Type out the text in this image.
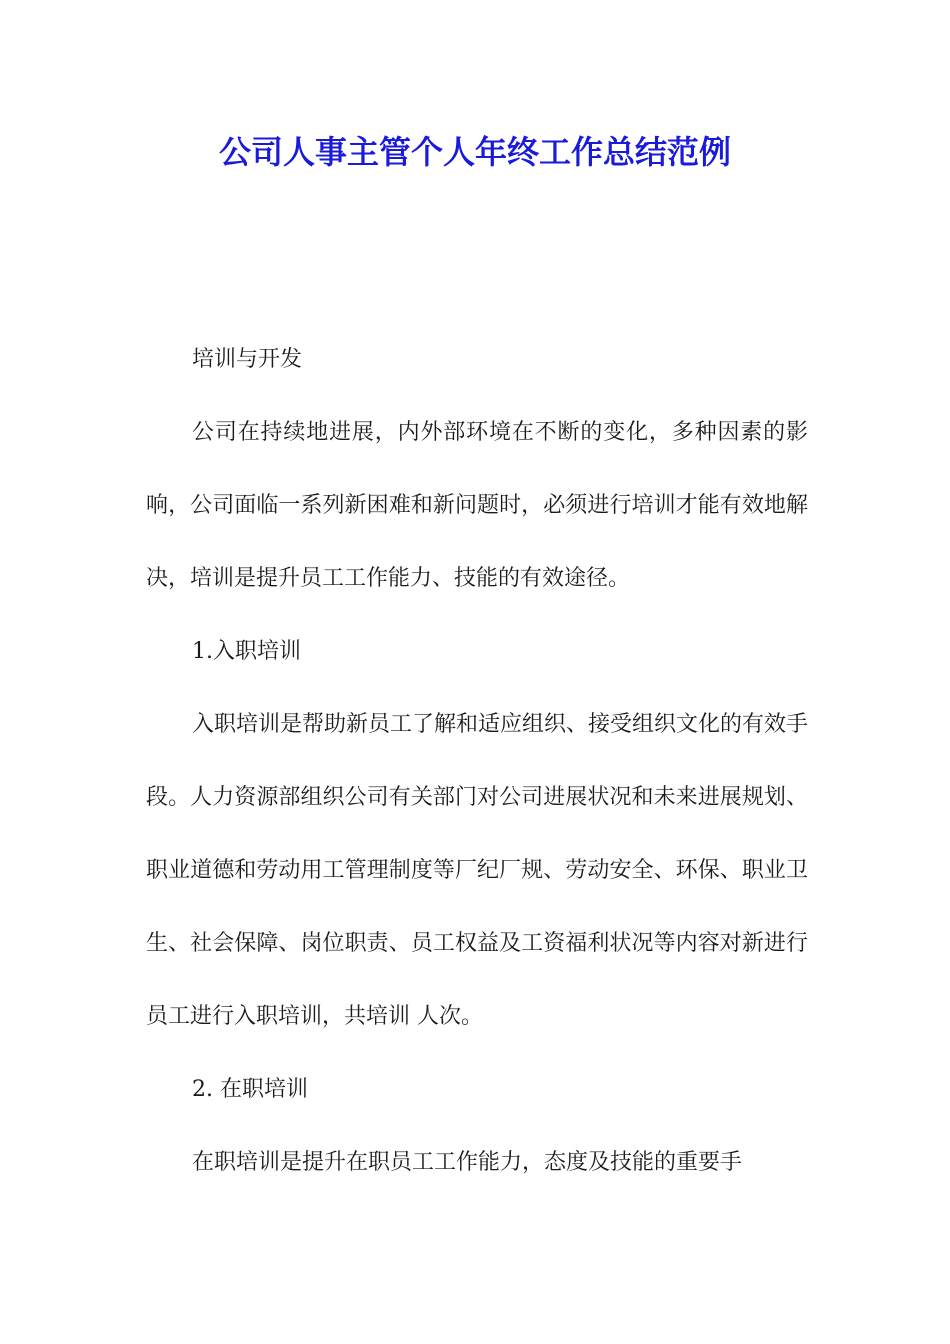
公司人事主管个人年终工作总结范例

培训与开发

公司在持续地进展，内外部环境在不断的变化，多种因素的影响，公司面临一系列新困难和新问题时，必须进行培训才能有效地解决，培训是提升员工工作能力、技能的有效途径。

1.入职培训

入职培训是帮助新员工了解和适应组织、接受组织文化的有效手段。人力资源部组织公司有关部门对公司进展状况和未来进展规划、职业道德和劳动用工管理制度等厂纪厂规、劳动安全、环保、职业卫生、社会保障、岗位职责、员工权益及工资福利状况等内容对新进行员工进行入职培训，共培训 人次。

2. 在职培训

在职培训是提升在职员工工作能力，态度及技能的重要手
